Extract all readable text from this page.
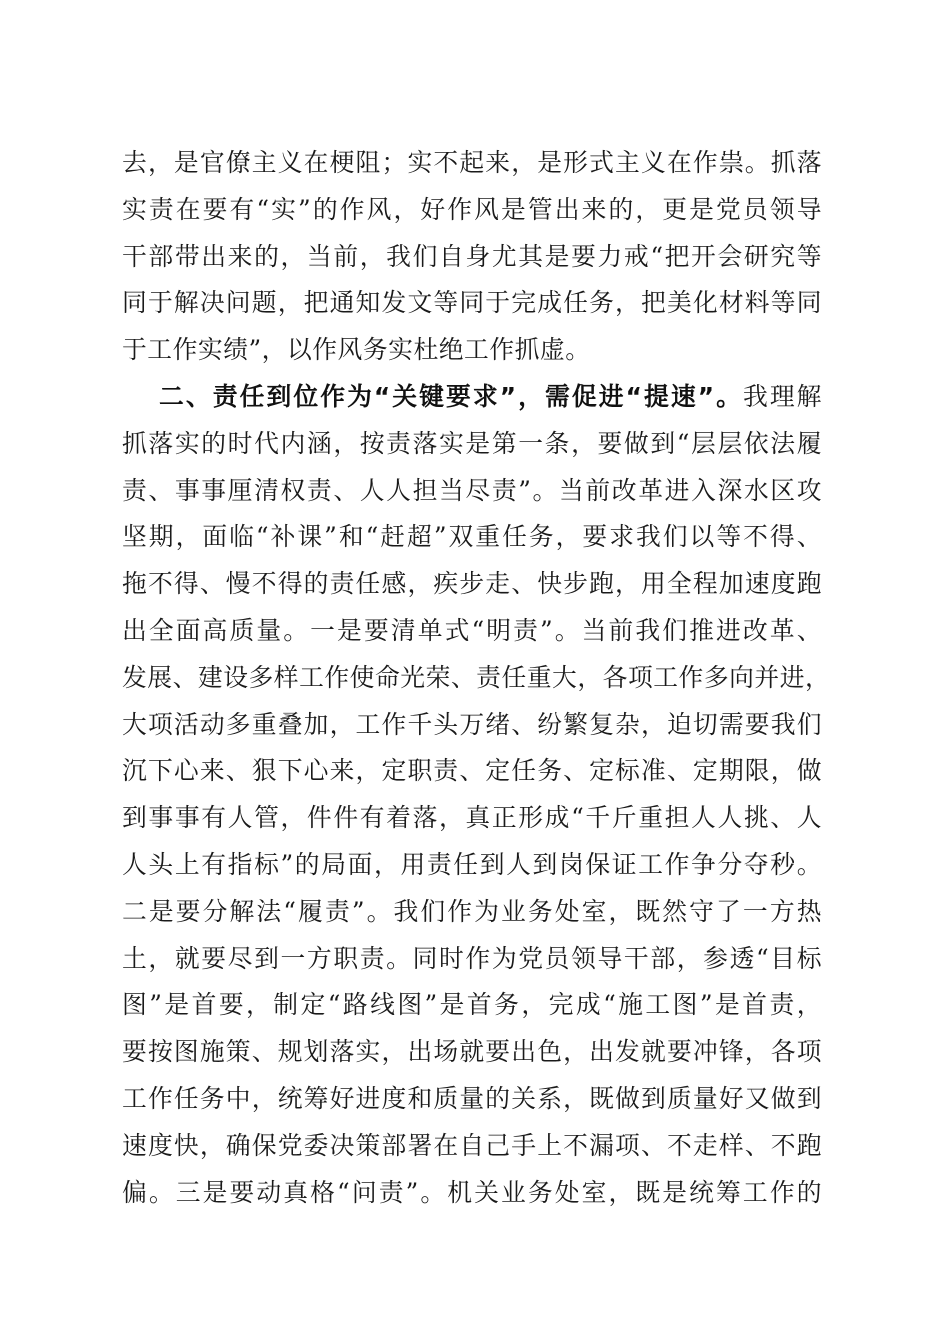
去，是官僚主义在梗阻；实不起来，是形式主义在作祟。抓落
实责在要有“实”的作风，好作风是管出来的，更是党员领导
干部带出来的，当前，我们自身尤其是要力戒“把开会研究等
同于解决问题，把通知发文等同于完成任务，把美化材料等同
于工作实绩”，以作风务实杜绝工作抓虚。
二、责任到位作为“关键要求”，需促进“提速”。我理解
抓落实的时代内涵，按责落实是第一条，要做到“层层依法履
责、事事厘清权责、人人担当尽责”。当前改革进入深水区攻
坚期，面临“补课”和“赶超”双重任务，要求我们以等不得、
拖不得、慢不得的责任感，疾步走、快步跑，用全程加速度跑
出全面高质量。一是要清单式“明责”。当前我们推进改革、
发展、建设多样工作使命光荣、责任重大，各项工作多向并进，
大项活动多重叠加，工作千头万绪、纷繁复杂，迫切需要我们
沉下心来、狠下心来，定职责、定任务、定标准、定期限，做
到事事有人管，件件有着落，真正形成“千斤重担人人挑、人
人头上有指标”的局面，用责任到人到岗保证工作争分夺秒。
二是要分解法“履责”。我们作为业务处室，既然守了一方热
土，就要尽到一方职责。同时作为党员领导干部，参透“目标
图”是首要，制定“路线图”是首务，完成“施工图”是首责，
要按图施策、规划落实，出场就要出色，出发就要冲锋，各项
工作任务中，统筹好进度和质量的关系，既做到质量好又做到
速度快，确保党委决策部署在自己手上不漏项、不走样、不跑
偏。三是要动真格“问责”。机关业务处室，既是统筹工作的
